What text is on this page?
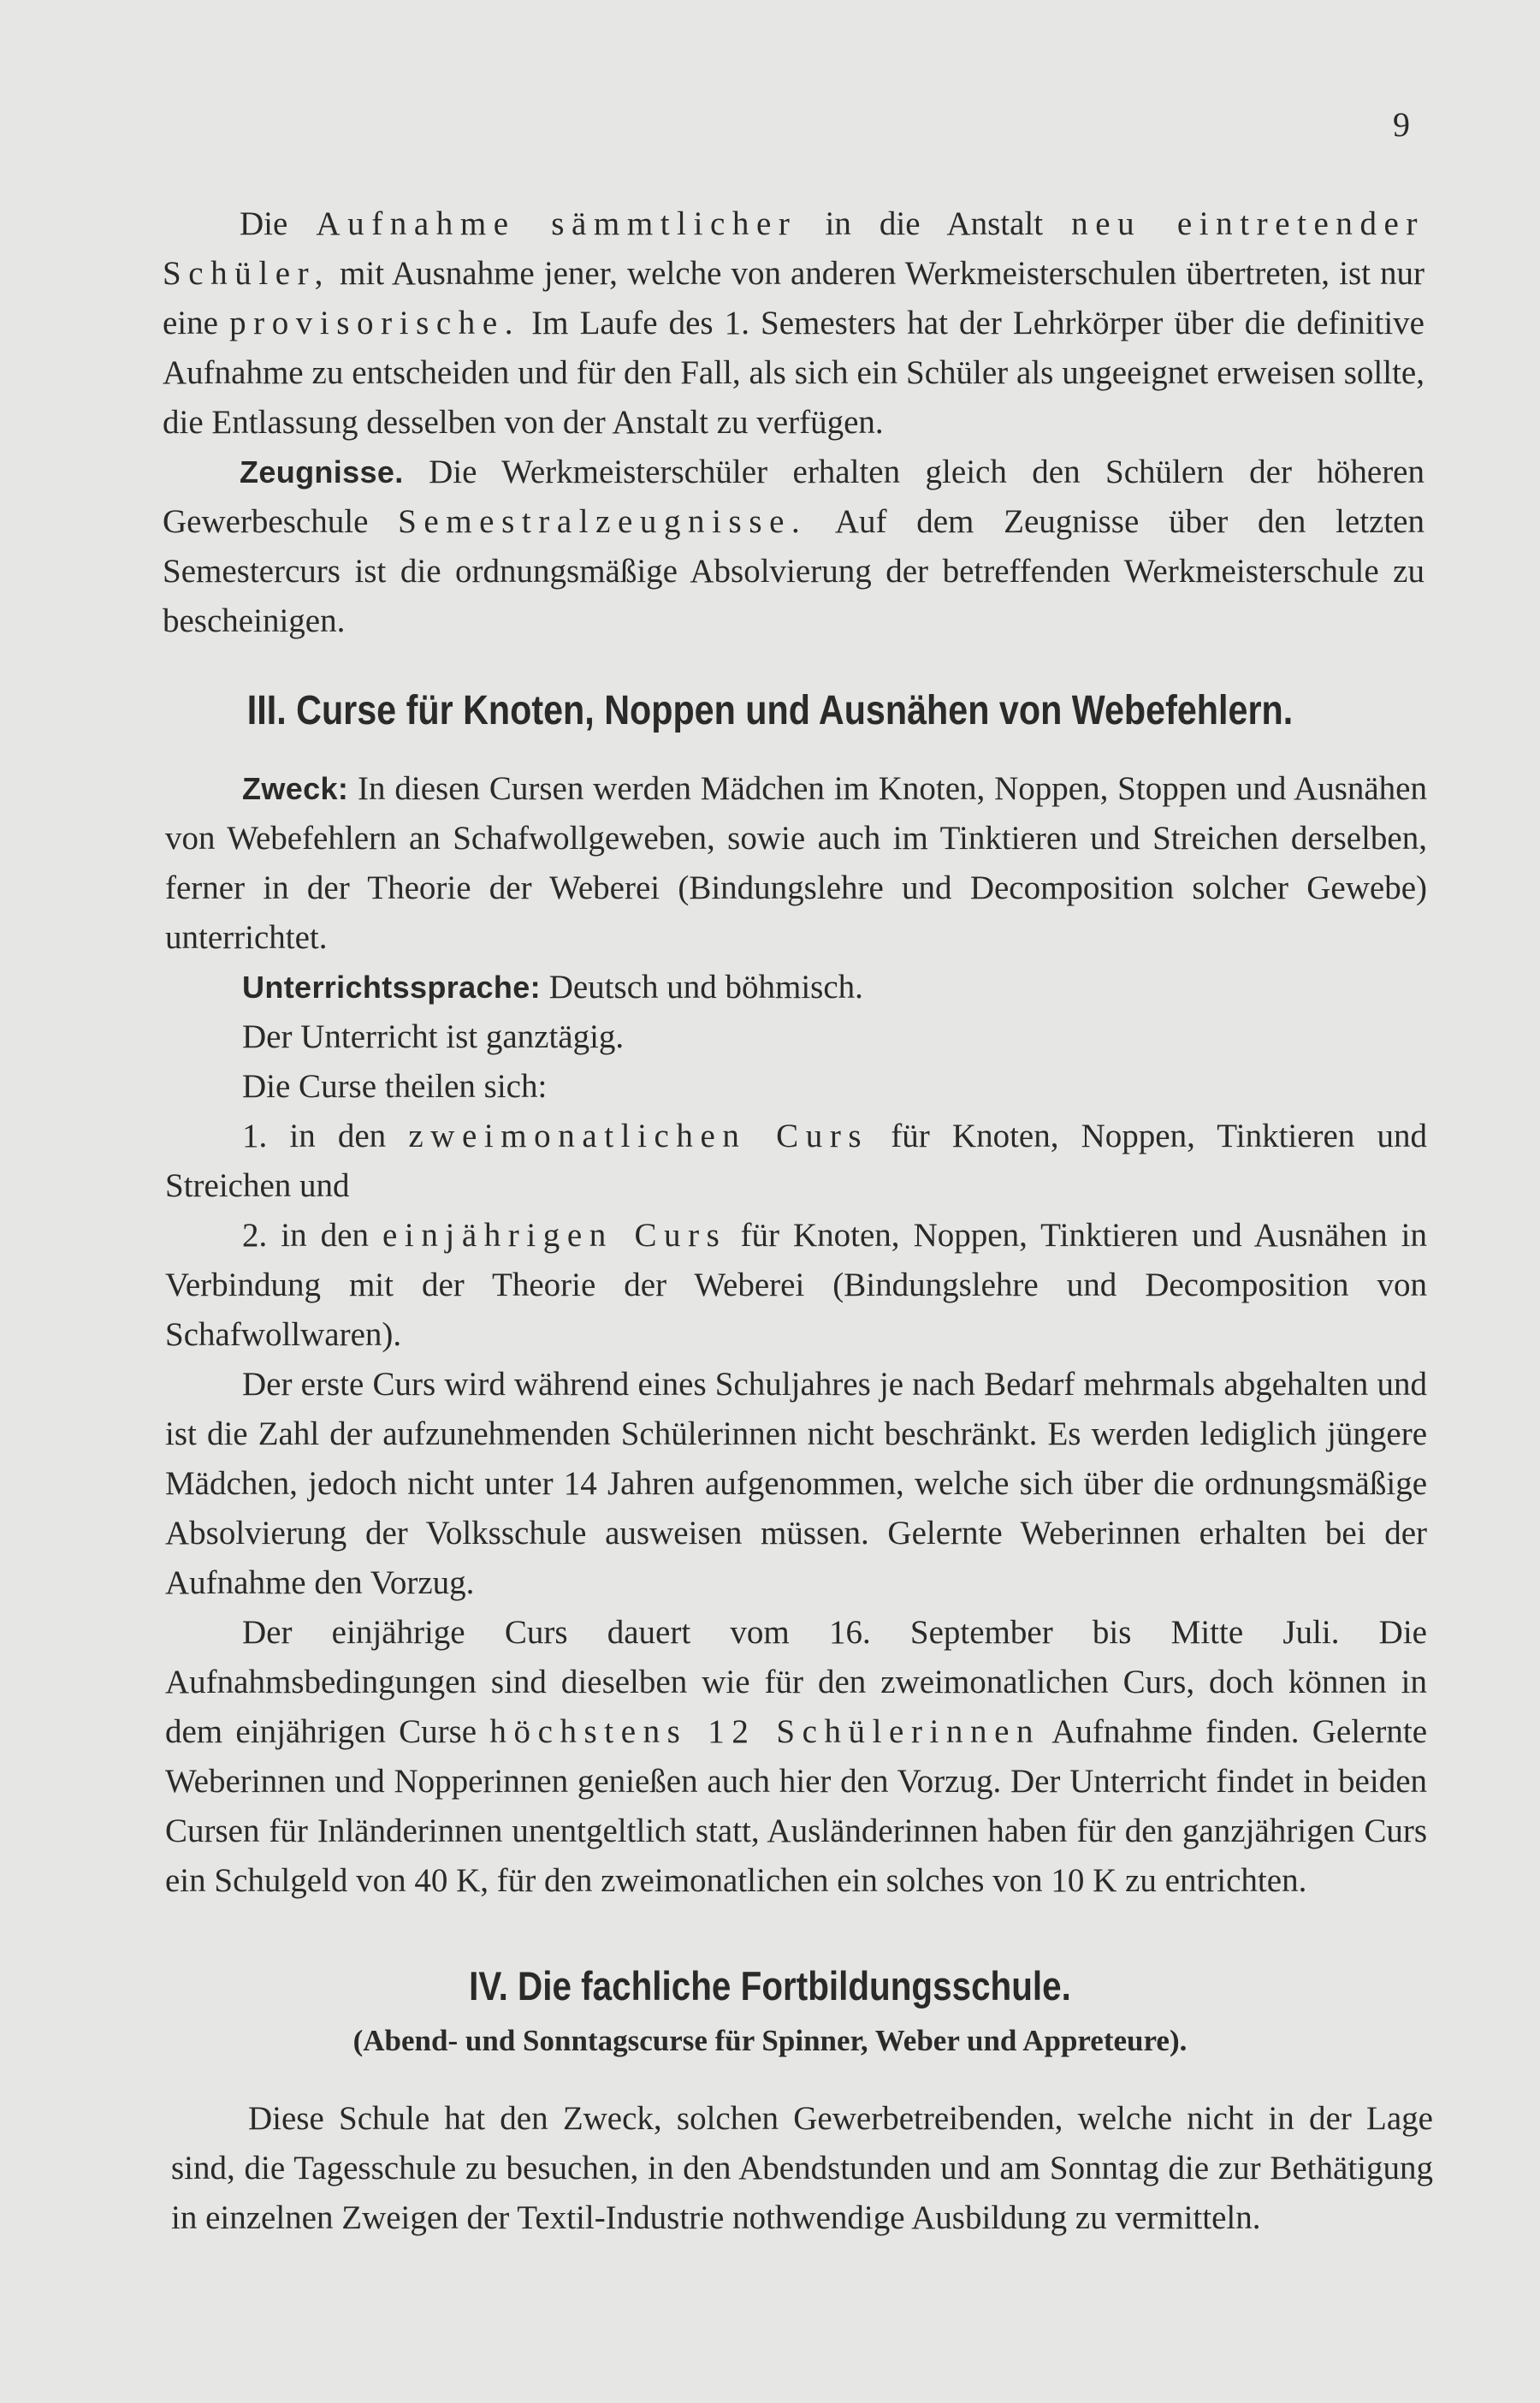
9

Die Aufnahme sämmtlicher in die Anstalt neu eintretender Schüler, mit Ausnahme jener, welche von anderen Werkmeisterschulen übertreten, ist nur eine provisorische. Im Laufe des 1. Semesters hat der Lehrkörper über die definitive Aufnahme zu entscheiden und für den Fall, als sich ein Schüler als ungeeignet erweisen sollte, die Entlassung desselben von der Anstalt zu verfügen.

Zeugnisse. Die Werkmeisterschüler erhalten gleich den Schülern der höheren Gewerbeschule Semestralzeugnisse. Auf dem Zeugnisse über den letzten Semestercurs ist die ordnungsmäßige Absolvierung der betreffenden Werkmeisterschule zu bescheinigen.

III. Curse für Knoten, Noppen und Ausnähen von Webefehlern.

Zweck: In diesen Cursen werden Mädchen im Knoten, Noppen, Stoppen und Ausnähen von Webefehlern an Schafwollgeweben, sowie auch im Tinktieren und Streichen derselben, ferner in der Theorie der Weberei (Bindungslehre und Decomposition solcher Gewebe) unterrichtet.

Unterrichtssprache: Deutsch und böhmisch.

Der Unterricht ist ganztägig.

Die Curse theilen sich:

1. in den zweimonatlichen Curs für Knoten, Noppen, Tinktieren und Streichen und

2. in den einjährigen Curs für Knoten, Noppen, Tinktieren und Ausnähen in Verbindung mit der Theorie der Weberei (Bindungslehre und Decomposition von Schafwollwaren).

Der erste Curs wird während eines Schuljahres je nach Bedarf mehrmals abgehalten und ist die Zahl der aufzunehmenden Schülerinnen nicht beschränkt. Es werden lediglich jüngere Mädchen, jedoch nicht unter 14 Jahren aufgenommen, welche sich über die ordnungsmäßige Absolvierung der Volksschule ausweisen müssen. Gelernte Weberinnen erhalten bei der Aufnahme den Vorzug.

Der einjährige Curs dauert vom 16. September bis Mitte Juli. Die Aufnahmsbedingungen sind dieselben wie für den zweimonatlichen Curs, doch können in dem einjährigen Curse höchstens 12 Schülerinnen Aufnahme finden. Gelernte Weberinnen und Nopperinnen genießen auch hier den Vorzug. Der Unterricht findet in beiden Cursen für Inländerinnen unentgeltlich statt, Ausländerinnen haben für den ganzjährigen Curs ein Schulgeld von 40 K, für den zweimonatlichen ein solches von 10 K zu entrichten.

IV. Die fachliche Fortbildungsschule.

(Abend- und Sonntagscurse für Spinner, Weber und Appreteure).

Diese Schule hat den Zweck, solchen Gewerbetreibenden, welche nicht in der Lage sind, die Tagesschule zu besuchen, in den Abendstunden und am Sonntag die zur Bethätigung in einzelnen Zweigen der Textil-Industrie nothwendige Ausbildung zu vermitteln.
